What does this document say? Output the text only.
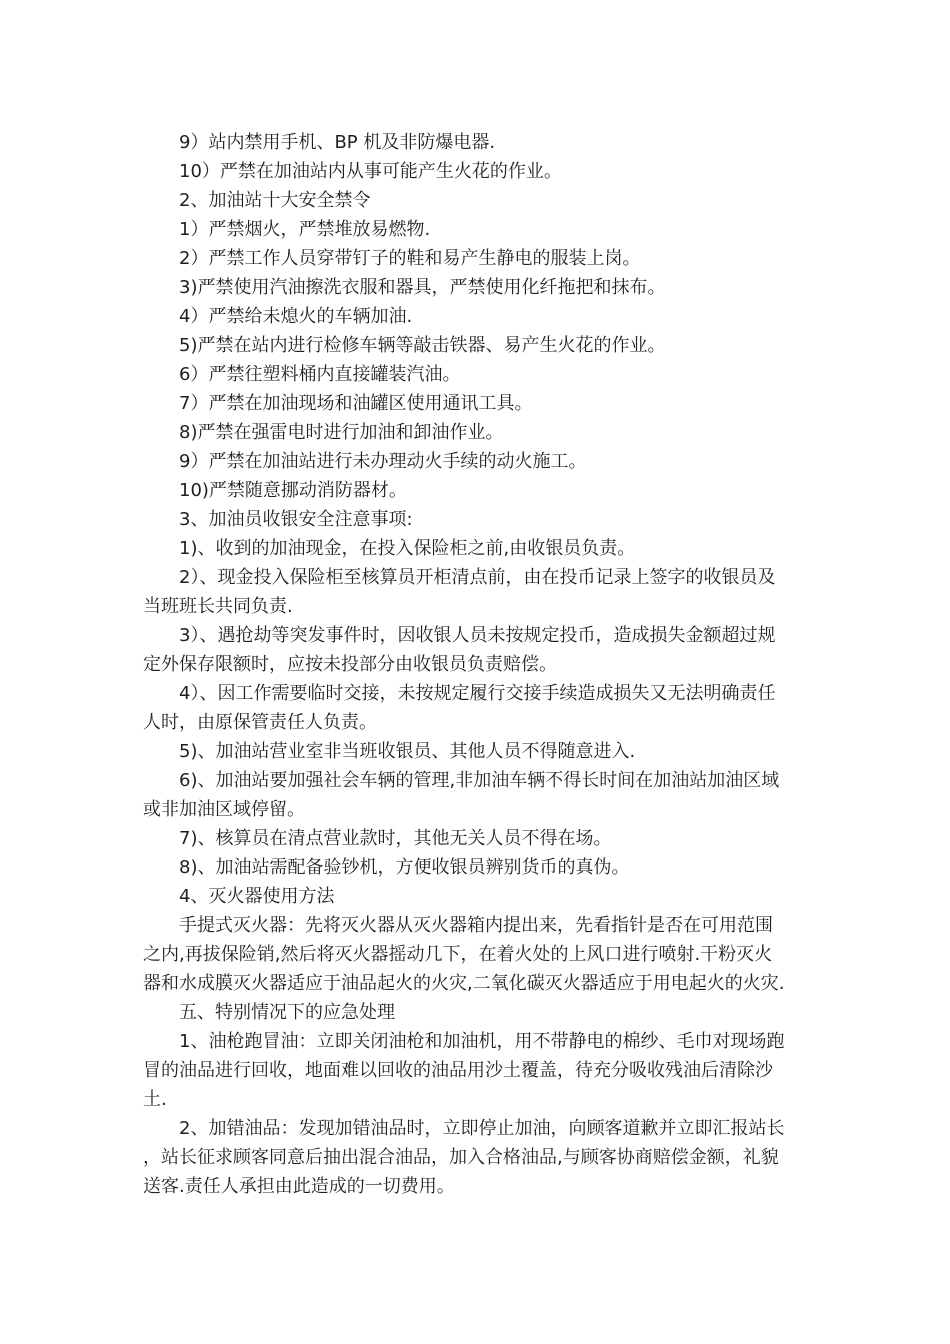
9）站内禁用手机、BP 机及非防爆电器.

10）严禁在加油站内从事可能产生火花的作业。

2、加油站十大安全禁令

1）严禁烟火，严禁堆放易燃物.

2）严禁工作人员穿带钉子的鞋和易产生静电的服装上岗。

3)严禁使用汽油擦洗衣服和器具，严禁使用化纤拖把和抹布。

4）严禁给未熄火的车辆加油.

5)严禁在站内进行检修车辆等敲击铁器、易产生火花的作业。

6）严禁往塑料桶内直接罐装汽油。

7）严禁在加油现场和油罐区使用通讯工具。

8)严禁在强雷电时进行加油和卸油作业。

9）严禁在加油站进行未办理动火手续的动火施工。

10)严禁随意挪动消防器材。

3、加油员收银安全注意事项:

1)、收到的加油现金，在投入保险柜之前,由收银员负责。

2）、现金投入保险柜至核算员开柜清点前，由在投币记录上签字的收银员及当班班长共同负责.

3）、遇抢劫等突发事件时，因收银人员未按规定投币，造成损失金额超过规定外保存限额时，应按未投部分由收银员负责赔偿。

4）、因工作需要临时交接，未按规定履行交接手续造成损失又无法明确责任人时，由原保管责任人负责。

5)、加油站营业室非当班收银员、其他人员不得随意进入.

6)、加油站要加强社会车辆的管理,非加油车辆不得长时间在加油站加油区域或非加油区域停留。

7)、核算员在清点营业款时，其他无关人员不得在场。

8)、加油站需配备验钞机，方便收银员辨别货币的真伪。

4、灭火器使用方法

手提式灭火器：先将灭火器从灭火器箱内提出来，先看指针是否在可用范围之内,再拔保险销,然后将灭火器摇动几下，在着火处的上风口进行喷射.干粉灭火器和水成膜灭火器适应于油品起火的火灾,二氧化碳灭火器适应于用电起火的火灾.

五、特别情况下的应急处理

1、油枪跑冒油：立即关闭油枪和加油机，用不带静电的棉纱、毛巾对现场跑冒的油品进行回收，地面难以回收的油品用沙土覆盖，待充分吸收残油后清除沙土.

2、加错油品：发现加错油品时，立即停止加油，向顾客道歉并立即汇报站长，站长征求顾客同意后抽出混合油品，加入合格油品,与顾客协商赔偿金额，礼貌送客.责任人承担由此造成的一切费用。
